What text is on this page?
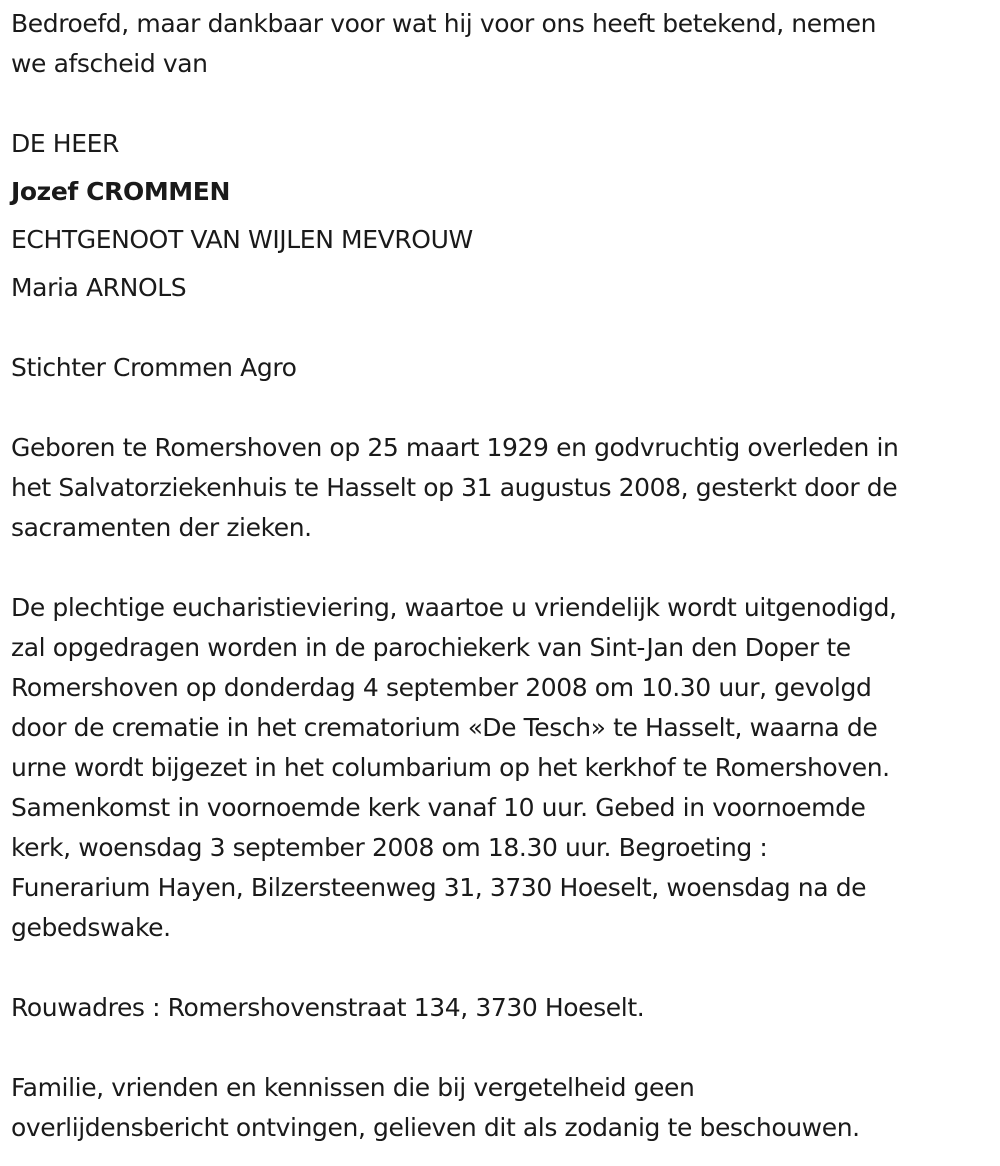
Bedroefd, maar dankbaar voor wat hij voor ons heeft betekend, nemen
we afscheid van
DE HEER
Jozef CROMMEN
ECHTGENOOT VAN WIJLEN MEVROUW
Maria ARNOLS
Stichter Crommen Agro
Geboren te Romershoven op 25 maart 1929 en godvruchtig overleden in
het Salvatorziekenhuis te Hasselt op 31 augustus 2008, gesterkt door de
sacramenten der zieken.
De plechtige eucharistieviering, waartoe u vriendelijk wordt uitgenodigd,
zal opgedragen worden in de parochiekerk van Sint-Jan den Doper te
Romershoven op donderdag 4 september 2008 om 10.30 uur, gevolgd
door de crematie in het crematorium «De Tesch» te Hasselt, waarna de
urne wordt bijgezet in het columbarium op het kerkhof te Romershoven.
Samenkomst in voornoemde kerk vanaf 10 uur. Gebed in voornoemde
kerk, woensdag 3 september 2008 om 18.30 uur. Begroeting :
Funerarium Hayen, Bilzersteenweg 31, 3730 Hoeselt, woensdag na de
gebedswake.
Rouwadres : Romershovenstraat 134, 3730 Hoeselt.
Familie, vrienden en kennissen die bij vergetelheid geen
overlijdensbericht ontvingen, gelieven dit als zodanig te beschouwen.
